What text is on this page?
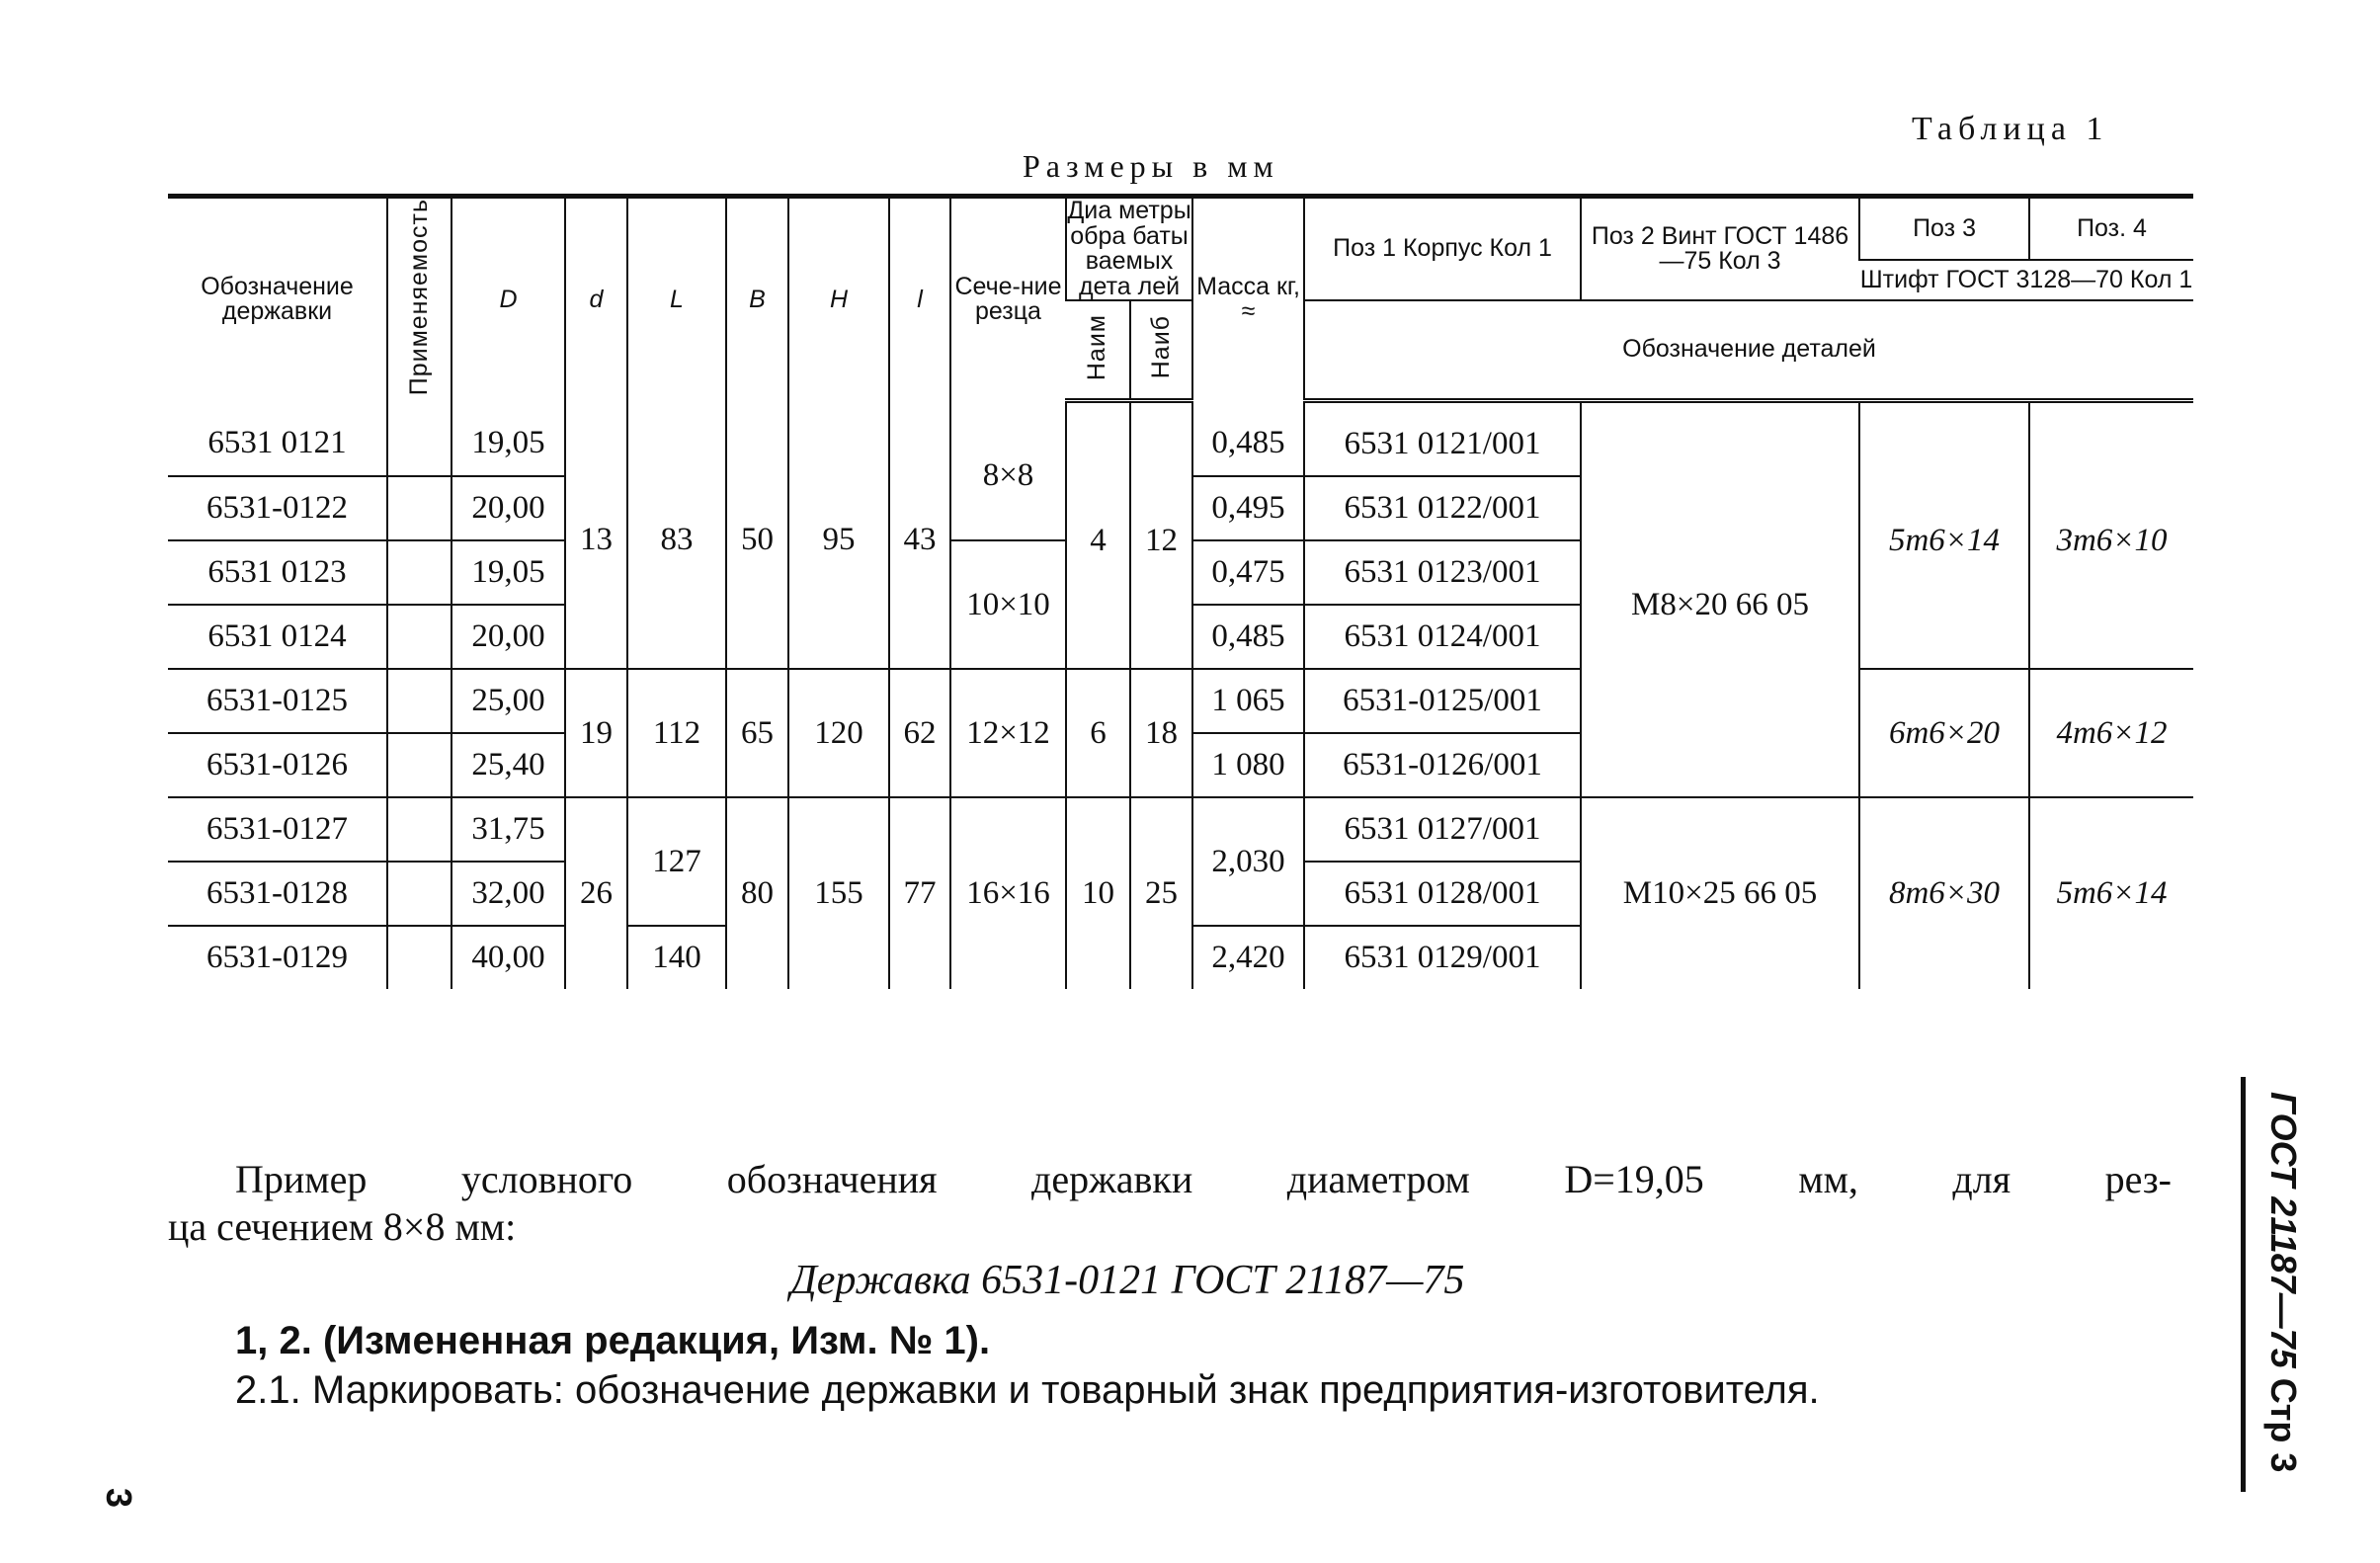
Таблица 1
Размеры в мм
Обозначение державки	Применяемость	D	d	L	B	H	l	Сече-ние резца	Диа метры обра баты ваемых дета лей		Масса кг, ≈	Поз 1 Корпус Кол 1	Поз 2 Винт ГОСТ 1486—75 Кол 3	Поз 3	Поз. 4
														Штифт ГОСТ 3128—70 Кол 1	
									Наим	Наиб		Обозначение деталей			
6531 0121		19,05	13	83	50	95	43	8×8	4	12	0,485	6531 0121/001	M8×20 66 05	5m6×14	3m6×10
6531-0122		20,00									0,495	6531 0122/001			
6531 0123		19,05						10×10			0,475	6531 0123/001			
6531 0124		20,00									0,485	6531 0124/001			
6531-0125		25,00	19	112	65	120	62	12×12	6	18	1 065	6531-0125/001		6m6×20	4m6×12
6531-0126		25,40									1 080	6531-0126/001			
6531-0127		31,75	26	127	80	155	77	16×16	10	25	2,030	6531 0127/001	M10×25 66 05	8m6×30	5m6×14
6531-0128		32,00										6531 0128/001			
6531-0129		40,00		140							2,420	6531 0129/001			
Пример условного обозначения державки диаметром D=19,05 мм, для рез-
ца сечением 8×8 мм:
Державка 6531-0121 ГОСТ 21187—75
1, 2. (Измененная редакция, Изм. № 1).
2.1. Маркировать: обозначение державки и товарный знак предприятия-изготовителя.
ГОСТ 21187—75 Стр 3
3
